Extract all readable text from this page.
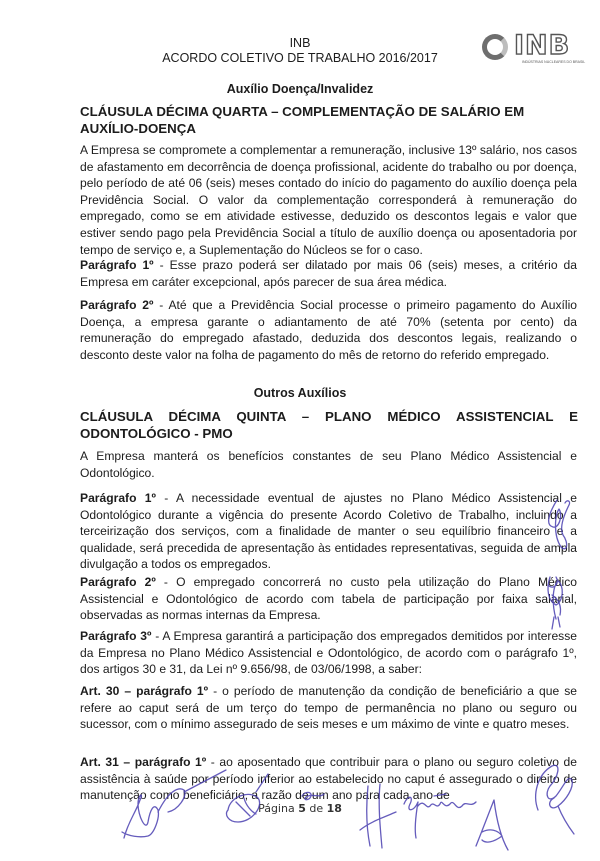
INB
ACORDO COLETIVO DE TRABALHO 2016/2017	INB
INDÚSTRIAS NUCLEARES DO BRASIL
Auxílio Doença/Invalidez
CLÁUSULA DÉCIMA QUARTA – COMPLEMENTAÇÃO DE SALÁRIO EM AUXÍLIO-DOENÇA
A Empresa se compromete a complementar a remuneração, inclusive 13º salário, nos casos de afastamento em decorrência de doença profissional, acidente do trabalho ou por doença, pelo período de até 06 (seis) meses contado do início do pagamento do auxílio doença pela Previdência Social. O valor da complementação corresponderá à remuneração do empregado, como se em atividade estivesse, deduzido os descontos legais e valor que estiver sendo pago pela Previdência Social a título de auxílio doença ou aposentadoria por tempo de serviço e, a Suplementação do Núcleos se for o caso.
Parágrafo 1º - Esse prazo poderá ser dilatado por mais 06 (seis) meses, a critério da Empresa em caráter excepcional, após parecer de sua área médica.
Parágrafo 2º - Até que a Previdência Social processe o primeiro pagamento do Auxílio Doença, a empresa garante o adiantamento de até 70% (setenta por cento) da remuneração do empregado afastado, deduzida dos descontos legais, realizando o desconto deste valor na folha de pagamento do mês de retorno do referido empregado.
Outros Auxílios
CLÁUSULA DÉCIMA QUINTA – PLANO MÉDICO ASSISTENCIAL E ODONTOLÓGICO - PMO
A Empresa manterá os benefícios constantes de seu Plano Médico Assistencial e Odontológico.
Parágrafo 1º - A necessidade eventual de ajustes no Plano Médico Assistencial e Odontológico durante a vigência do presente Acordo Coletivo de Trabalho, incluindo a terceirização dos serviços, com a finalidade de manter o seu equilíbrio financeiro e a qualidade, será precedida de apresentação às entidades representativas, seguida de ampla divulgação a todos os empregados.
Parágrafo 2º - O empregado concorrerá no custo pela utilização do Plano Médico Assistencial e Odontológico de acordo com tabela de participação por faixa salarial, observadas as normas internas da Empresa.
Parágrafo 3º - A Empresa garantirá a participação dos empregados demitidos por interesse da Empresa no Plano Médico Assistencial e Odontológico, de acordo com o parágrafo 1º, dos artigos 30 e 31, da Lei nº 9.656/98, de 03/06/1998, a saber:
Art. 30 – parágrafo 1º - o período de manutenção da condição de beneficiário a que se refere ao caput será de um terço do tempo de permanência no plano ou seguro ou sucessor, com o mínimo assegurado de seis meses e um máximo de vinte e quatro meses.
Art. 31 – parágrafo 1º - ao aposentado que contribuir para o plano ou seguro coletivo de assistência à saúde por período inferior ao estabelecido no caput é assegurado o direito de manutenção como beneficiário, a razão de um ano para cada ano de
Página 5 de 18
